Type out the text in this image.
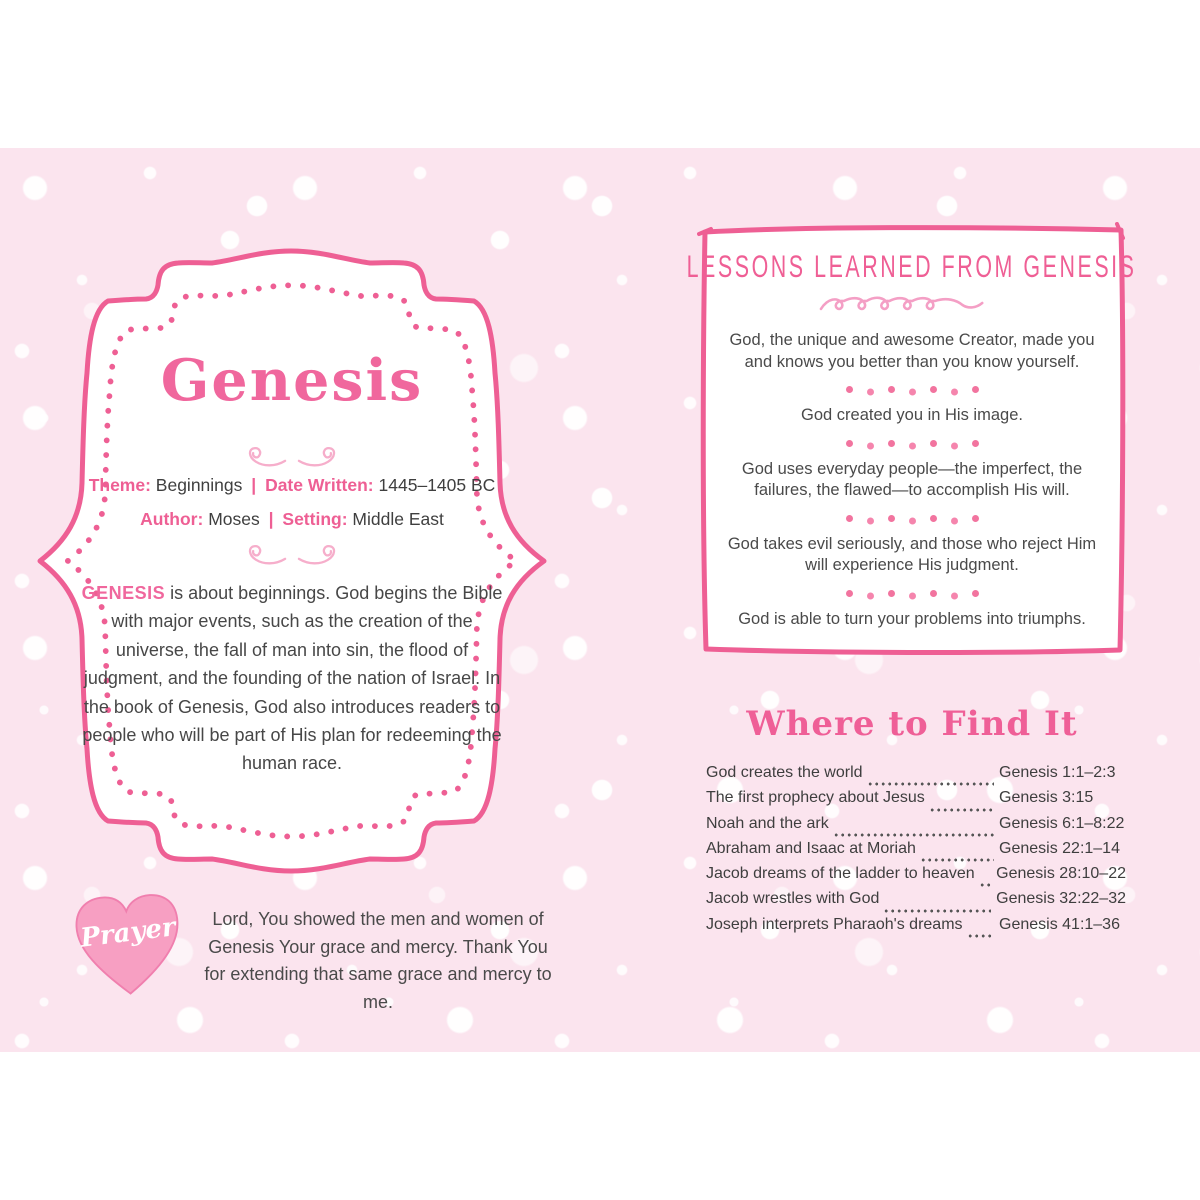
Genesis

Theme: Beginnings | Date Written: 1445–1405 BC
Author: Moses | Setting: Middle East

GENESIS is about beginnings. God begins the Bible with major events, such as the creation of the universe, the fall of man into sin, the flood of judgment, and the founding of the nation of Israel. In the book of Genesis, God also introduces readers to people who will be part of His plan for redeeming the human race.
Prayer	Lord, You showed the men and women of Genesis Your grace and mercy. Thank You for extending that same grace and mercy to me.
LESSONS LEARNED FROM GENESIS
God, the unique and awesome Creator, made you and knows you better than you know yourself.
God created you in His image.
God uses everyday people—the imperfect, the failures, the flawed—to accomplish His will.
God takes evil seriously, and those who reject Him will experience His judgment.
God is able to turn your problems into triumphs.
Where to Find It
God creates the world	Genesis 1:1–2:3
The first prophecy about Jesus	Genesis 3:15
Noah and the ark	Genesis 6:1–8:22
Abraham and Isaac at Moriah	Genesis 22:1–14
Jacob dreams of the ladder to heaven Genesis 28:10–22
Jacob wrestles with God	Genesis 32:22–32
Joseph interprets Pharaoh's dreams Genesis 41:1–36
